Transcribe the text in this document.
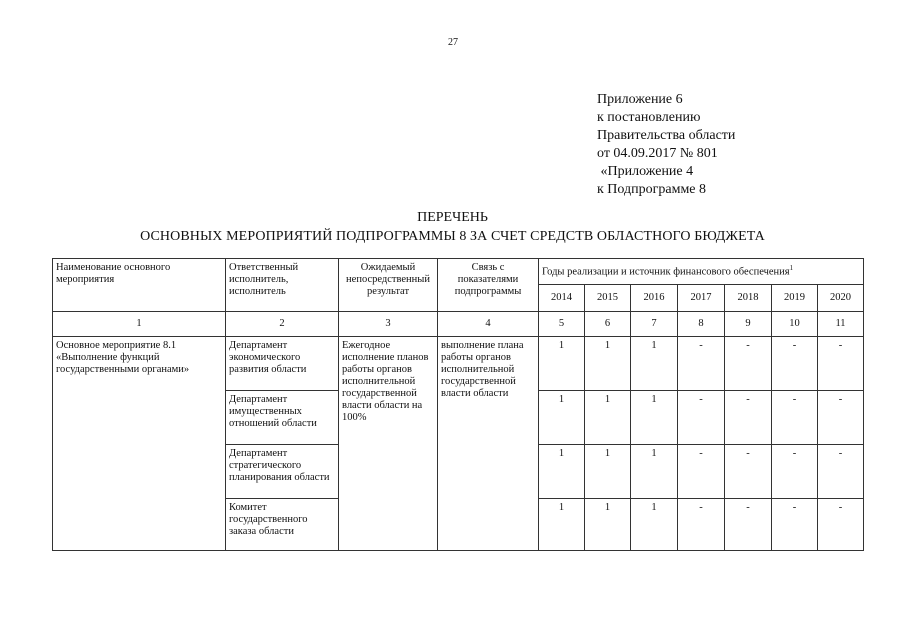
27
Приложение 6
к постановлению
Правительства области
от 04.09.2017 № 801
«Приложение 4
к Подпрограмме 8
ПЕРЕЧЕНЬ
ОСНОВНЫХ МЕРОПРИЯТИЙ ПОДПРОГРАММЫ 8 ЗА СЧЕТ СРЕДСТВ ОБЛАСТНОГО БЮДЖЕТА
Наименование основного мероприятия	Ответственный исполнитель, исполнитель	Ожидаемый непосредственный результат	Связь с показателями подпрограммы	Годы реализации и источник финансового обеспечения$^1$
				2014	2015	2016	2017	2018	2019	2020
1	2	3	4	5	6	7	8	9	10	11
Основное мероприятие 8.1 «Выполнение функций государственными органами»	Департамент экономического развития области	Ежегодное исполнение планов работы органов исполнительной государственной власти области на 100%	выполнение плана работы органов исполнительной государственной власти области	1	1	1	-	-	-	-
	Департамент имущественных отношений области			1	1	1	-	-	-	-
	Департамент стратегического планирования области			1	1	1	-	-	-	-
	Комитет государственного заказа области			1	1	1	-	-	-	-
